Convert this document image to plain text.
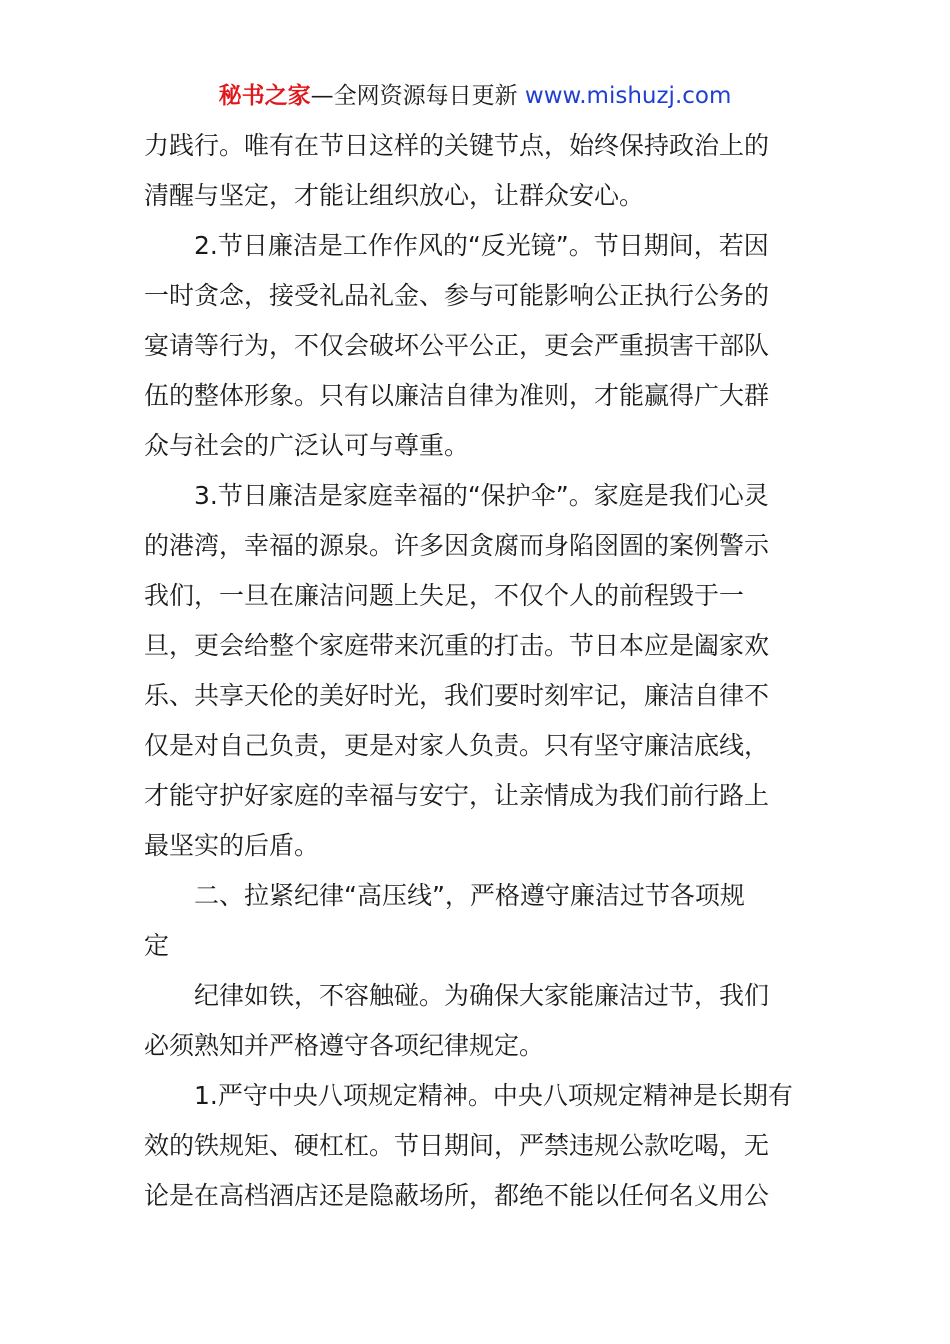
秘书之家—全网资源每日更新 www.mishuzj.com
力践行。唯有在节日这样的关键节点，始终保持政治上的
清醒与坚定，才能让组织放心，让群众安心。
2.节日廉洁是工作作风的“反光镜”。节日期间，若因
一时贪念，接受礼品礼金、参与可能影响公正执行公务的
宴请等行为，不仅会破坏公平公正，更会严重损害干部队
伍的整体形象。只有以廉洁自律为准则，才能赢得广大群
众与社会的广泛认可与尊重。
3.节日廉洁是家庭幸福的“保护伞”。家庭是我们心灵
的港湾，幸福的源泉。许多因贪腐而身陷囹圄的案例警示
我们，一旦在廉洁问题上失足，不仅个人的前程毁于一
旦，更会给整个家庭带来沉重的打击。节日本应是阖家欢
乐、共享天伦的美好时光，我们要时刻牢记，廉洁自律不
仅是对自己负责，更是对家人负责。只有坚守廉洁底线，
才能守护好家庭的幸福与安宁，让亲情成为我们前行路上
最坚实的后盾。
二、拉紧纪律“高压线”，严格遵守廉洁过节各项规
定
纪律如铁，不容触碰。为确保大家能廉洁过节，我们
必须熟知并严格遵守各项纪律规定。
1.严守中央八项规定精神。中央八项规定精神是长期有
效的铁规矩、硬杠杠。节日期间，严禁违规公款吃喝，无
论是在高档酒店还是隐蔽场所，都绝不能以任何名义用公
